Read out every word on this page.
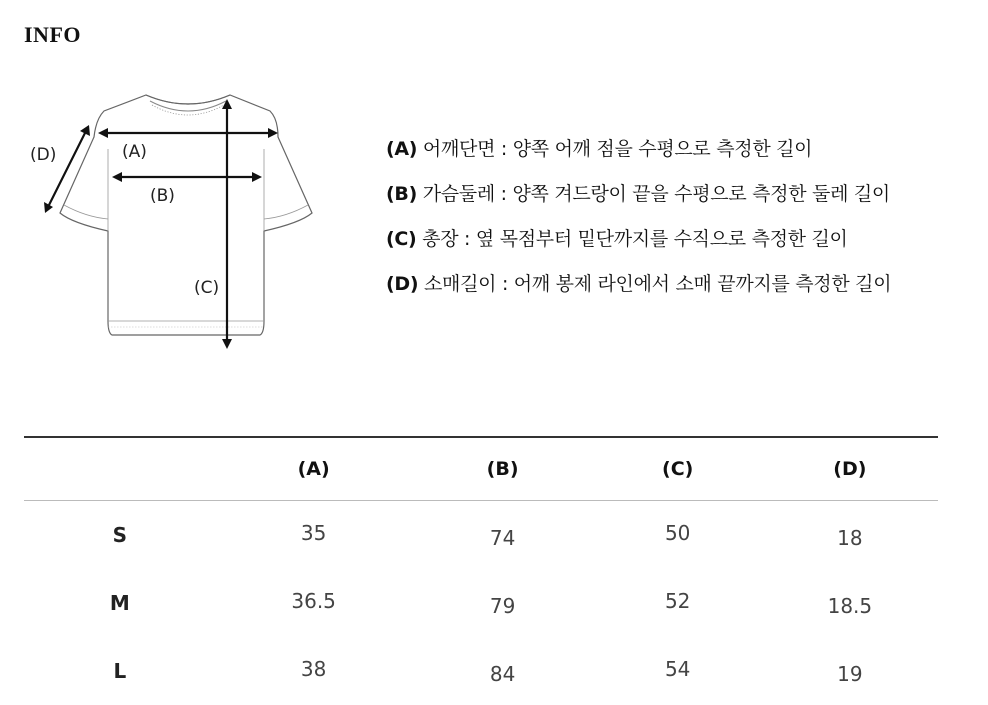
INFO
(A)
(B)
(C)
(D)	(A) 어깨단면 : 양쪽 어깨 점을 수평으로 측정한 길이
(B) 가슴둘레 : 양쪽 겨드랑이 끝을 수평으로 측정한 둘레 길이
(C) 총장 : 옆 목점부터 밑단까지를 수직으로 측정한 길이
(D) 소매길이 : 어깨 봉제 라인에서 소매 끝까지를 측정한 길이
	(A)	(B)	(C)	(D)
S	35	74	50	18
M	36.5	79	52	18.5
L	38	84	54	19
